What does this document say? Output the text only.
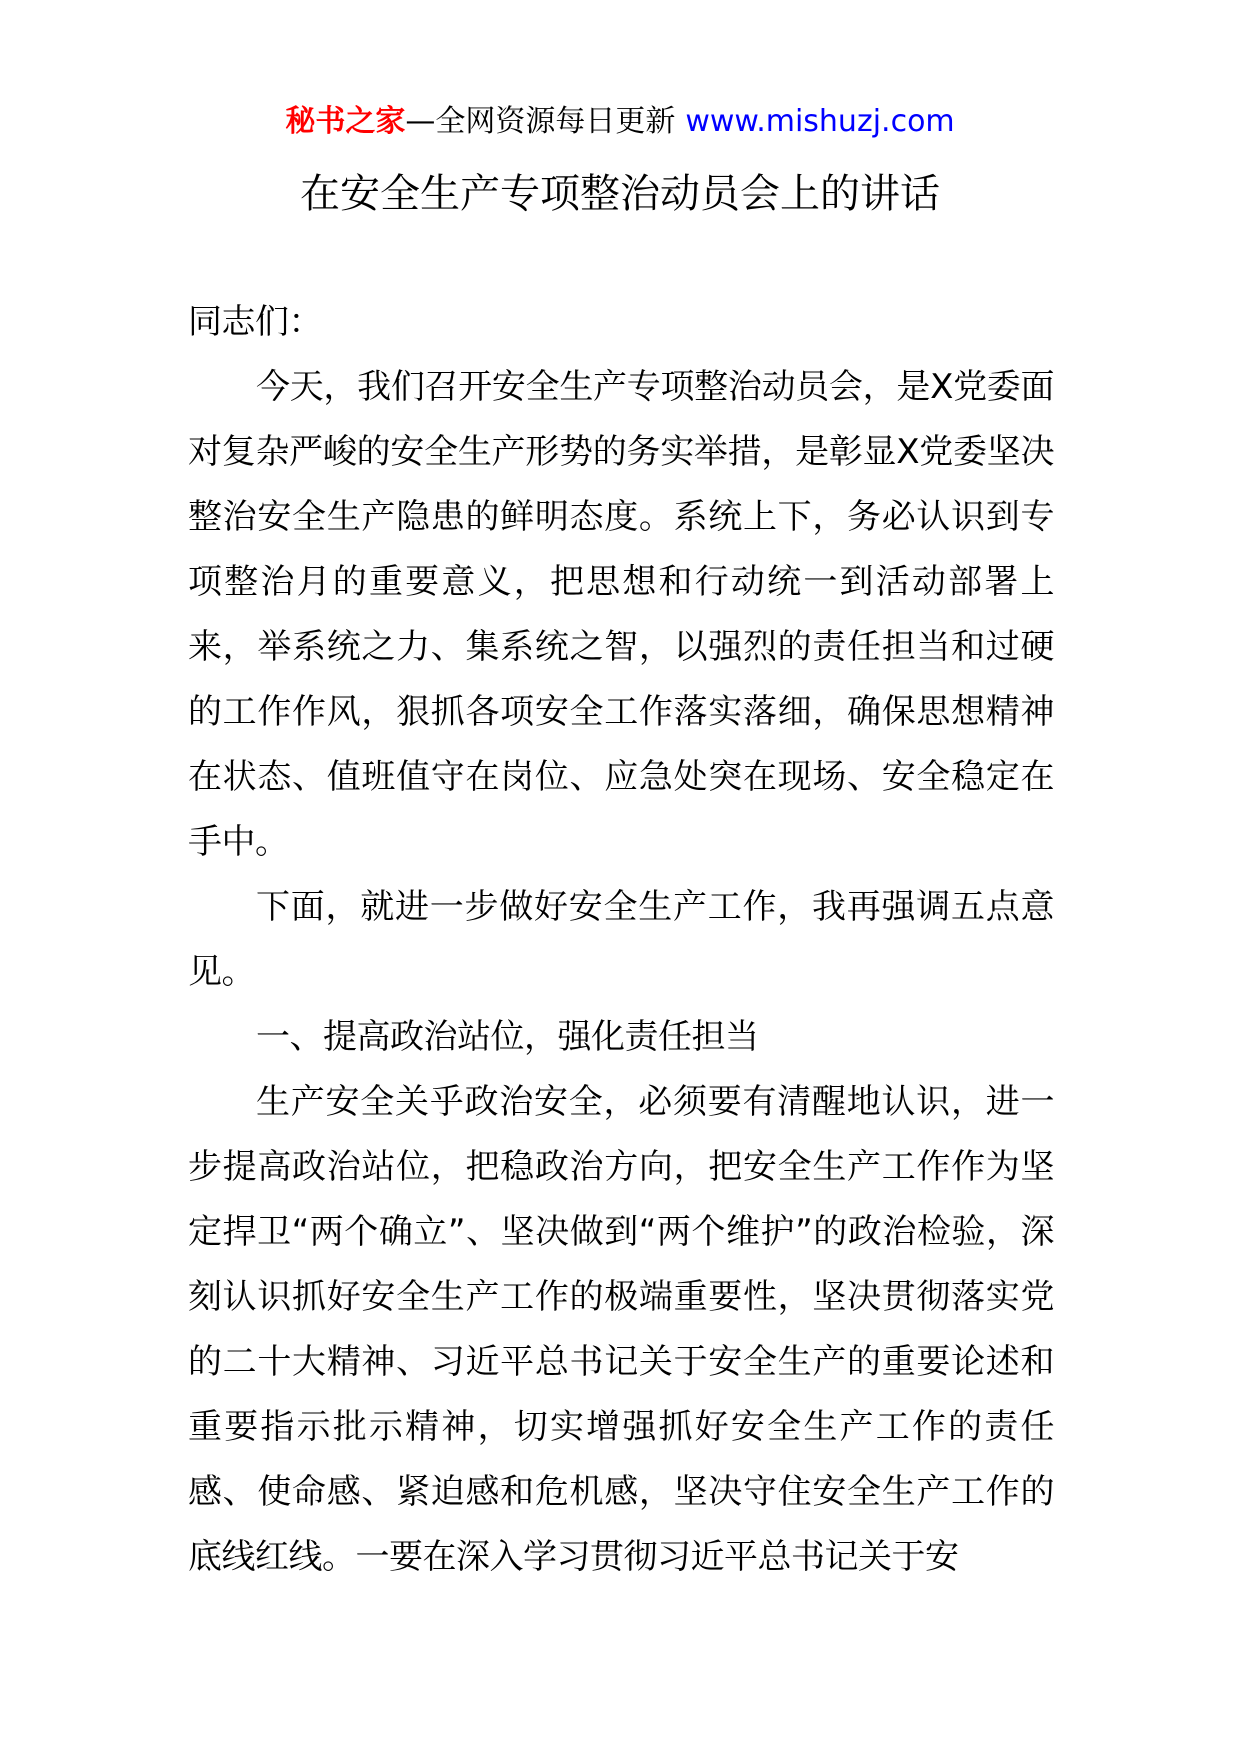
秘书之家—全网资源每日更新 www.mishuzj.com
在安全生产专项整治动员会上的讲话

同志们：

今天，我们召开安全生产专项整治动员会，是X党委面对复杂严峻的安全生产形势的务实举措，是彰显X党委坚决整治安全生产隐患的鲜明态度。系统上下，务必认识到专项整治月的重要意义，把思想和行动统一到活动部署上来，举系统之力、集系统之智，以强烈的责任担当和过硬的工作作风，狠抓各项安全工作落实落细，确保思想精神在状态、值班值守在岗位、应急处突在现场、安全稳定在手中。

下面，就进一步做好安全生产工作，我再强调五点意见。

一、提高政治站位，强化责任担当

生产安全关乎政治安全，必须要有清醒地认识，进一步提高政治站位，把稳政治方向，把安全生产工作作为坚定捍卫“两个确立”、坚决做到“两个维护”的政治检验，深刻认识抓好安全生产工作的极端重要性，坚决贯彻落实党的二十大精神、习近平总书记关于安全生产的重要论述和重要指示批示精神，切实增强抓好安全生产工作的责任感、使命感、紧迫感和危机感，坚决守住安全生产工作的底线红线。一要在深入学习贯彻习近平总书记关于安
